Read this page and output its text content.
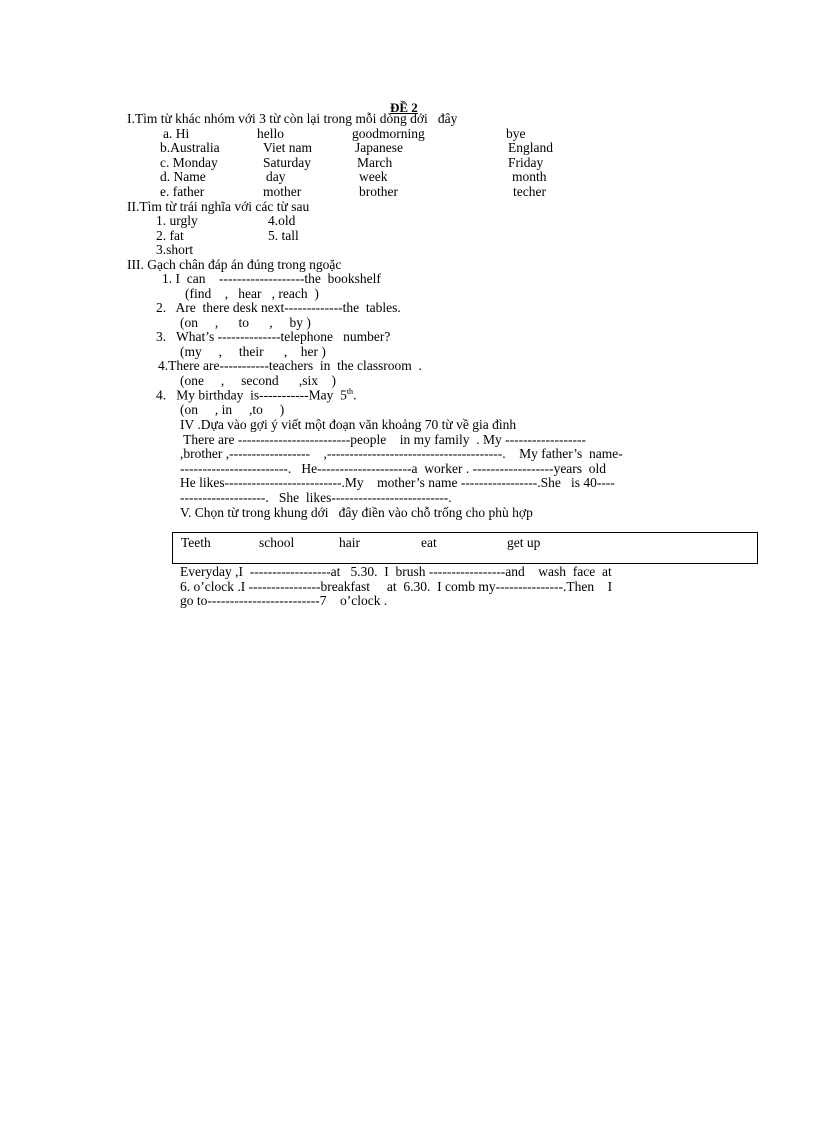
ĐỀ 2
I.Tìm từ khác nhóm với 3 từ còn lại trong mỗi dòng dới   đây
a. Hi	hello	goodmorning	bye
b.Australia	Viet nam	Japanese	England
c. Monday	Saturday	March	Friday
d. Name	day	week	month
e. father	mother	brother	techer
II.Tìm từ trái nghĩa với các từ sau
1. urgly	4.old
2. fat	5. tall
3.short
III. Gạch chân đáp án đúng trong ngoặc
1. I  can    -------------------the  bookshelf
(find    ,   hear   , reach  )
2.   Are  there desk next-------------the  tables.
(on     ,      to      ,     by )
3.   What’s --------------telephone   number?
(my     ,     their      ,    her )
4.There are-----------teachers  in  the classroom  .
(one     ,     second      ,six    )
4.   My birthday  is-----------May  5th.
(on     , in     ,to     )
IV .Dựa vào gợi ý viết một đoạn văn khoảng 70 từ về gia đình
There are -------------------------people    in my family  . My ------------------
,brother ,------------------    ,---------------------------------------.    My father’s  name-
------------------------.   He---------------------a  worker . ------------------years  old
He likes--------------------------.My    mother’s name -----------------.She   is 40----
-------------------.   She  likes--------------------------.
V. Chọn từ trong khung dới   đây điền vào chỗ trống cho phù hợp
Teeth	school	hair	eat	get up
Everyday ,I  ------------------at   5.30.  I  brush -----------------and    wash  face  at
6. o’clock .I ----------------breakfast     at  6.30.  I comb my---------------.Then    I
go to-------------------------7    o’clock .
